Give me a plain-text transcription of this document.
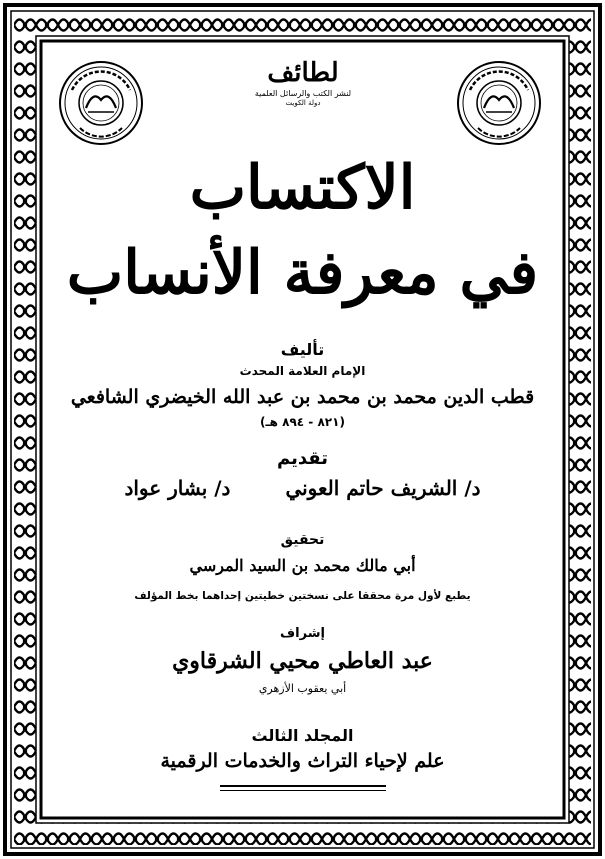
لطائف
لنشر الكتب والرسائل العلمية
دولة الكويت
الاكتساب
في معرفة الأنساب
تأليف
الإمام العلامة المحدث
قطب الدين محمد بن محمد بن عبد الله الخيضري الشافعي
(٨٢١ - ٨٩٤ هـ)
تقديم
د/ الشريف حاتم العوني د/ بشار عواد
تحقيق
أبي مالك محمد بن السيد المرسي
يطبع لأول مرة محققا على نسختين خطيتين إحداهما بخط المؤلف
إشراف
عبد العاطي محيي الشرقاوي
أبي يعقوب الأزهري
المجلد الثالث
علم لإحياء التراث والخدمات الرقمية
